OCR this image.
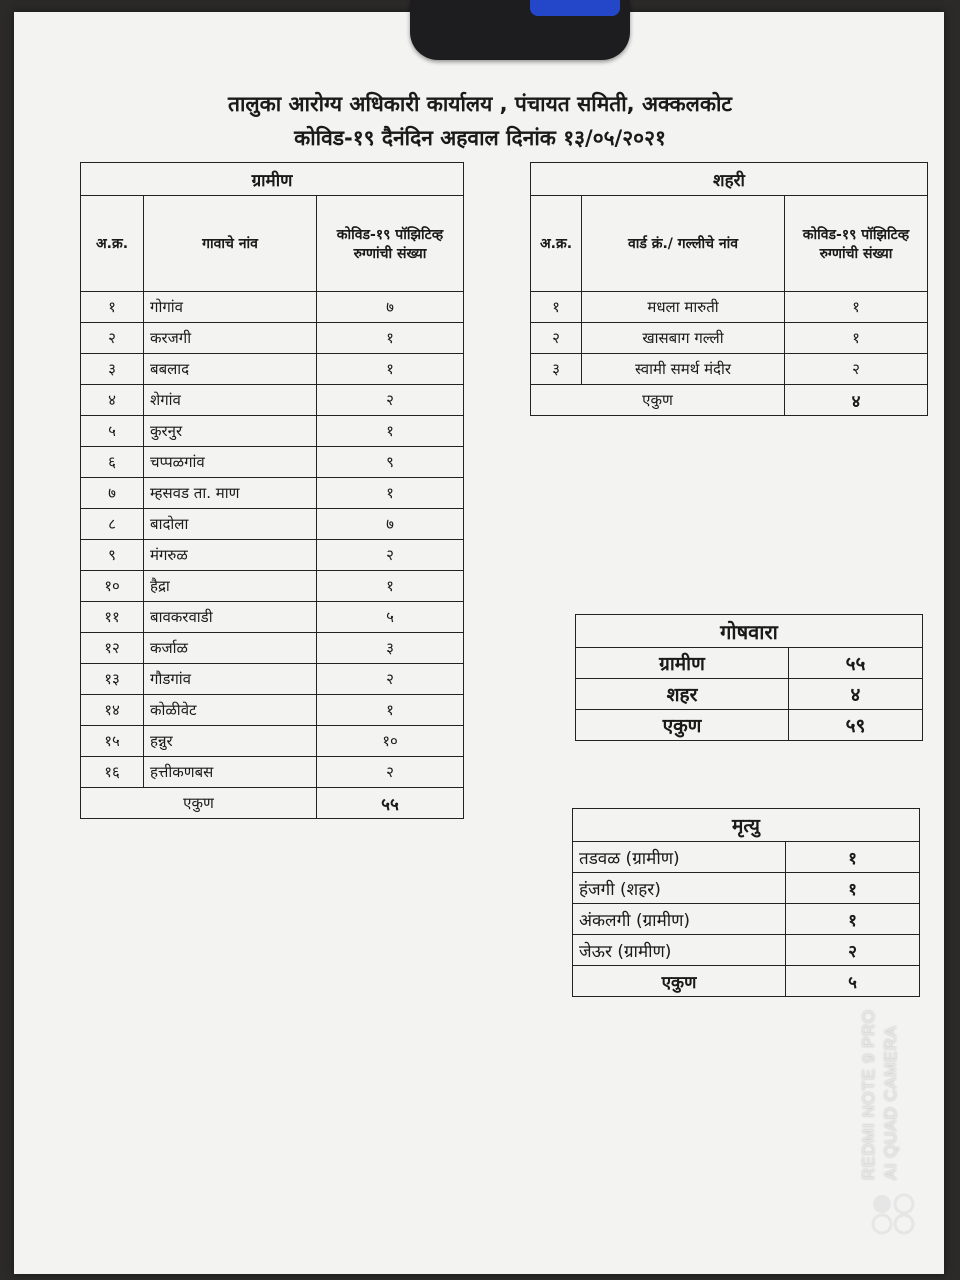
तालुका आरोग्य अधिकारी कार्यालय , पंचायत समिती, अक्कलकोट
कोविड-१९ दैनंदिन अहवाल दिनांक १३/०५/२०२१
ग्रामीण		
अ.क्र.	गावाचे नांव	कोविड-१९ पॉझिटिव्ह रुग्णांची संख्या
१	गोगांव	७
२	करजगी	१
३	बबलाद	१
४	शेगांव	२
५	कुरनुर	१
६	चप्पळगांव	९
७	म्हसवड ता. माण	१
८	बादोला	७
९	मंगरुळ	२
१०	हैद्रा	१
११	बावकरवाडी	५
१२	कर्जाळ	३
१३	गौडगांव	२
१४	कोळीवेट	१
१५	हन्नुर	१०
१६	हत्तीकणबस	२
एकुण		५५
शहरी		
अ.क्र.	वार्ड क्रं./ गल्लीचे नांव	कोविड-१९ पॉझिटिव्ह रुग्णांची संख्या
१	मधला मारुती	१
२	खासबाग गल्ली	१
३	स्वामी समर्थ मंदीर	२
एकुण		४
गोषवारा	
ग्रामीण	५५
शहर	४
एकुण	५९
मृत्यु	
तडवळ (ग्रामीण)	१
हंजगी (शहर)	१
अंकलगी (ग्रामीण)	१
जेऊर (ग्रामीण)	२
एकुण	५
REDMI NOTE 9 PRO AI QUAD CAMERA
